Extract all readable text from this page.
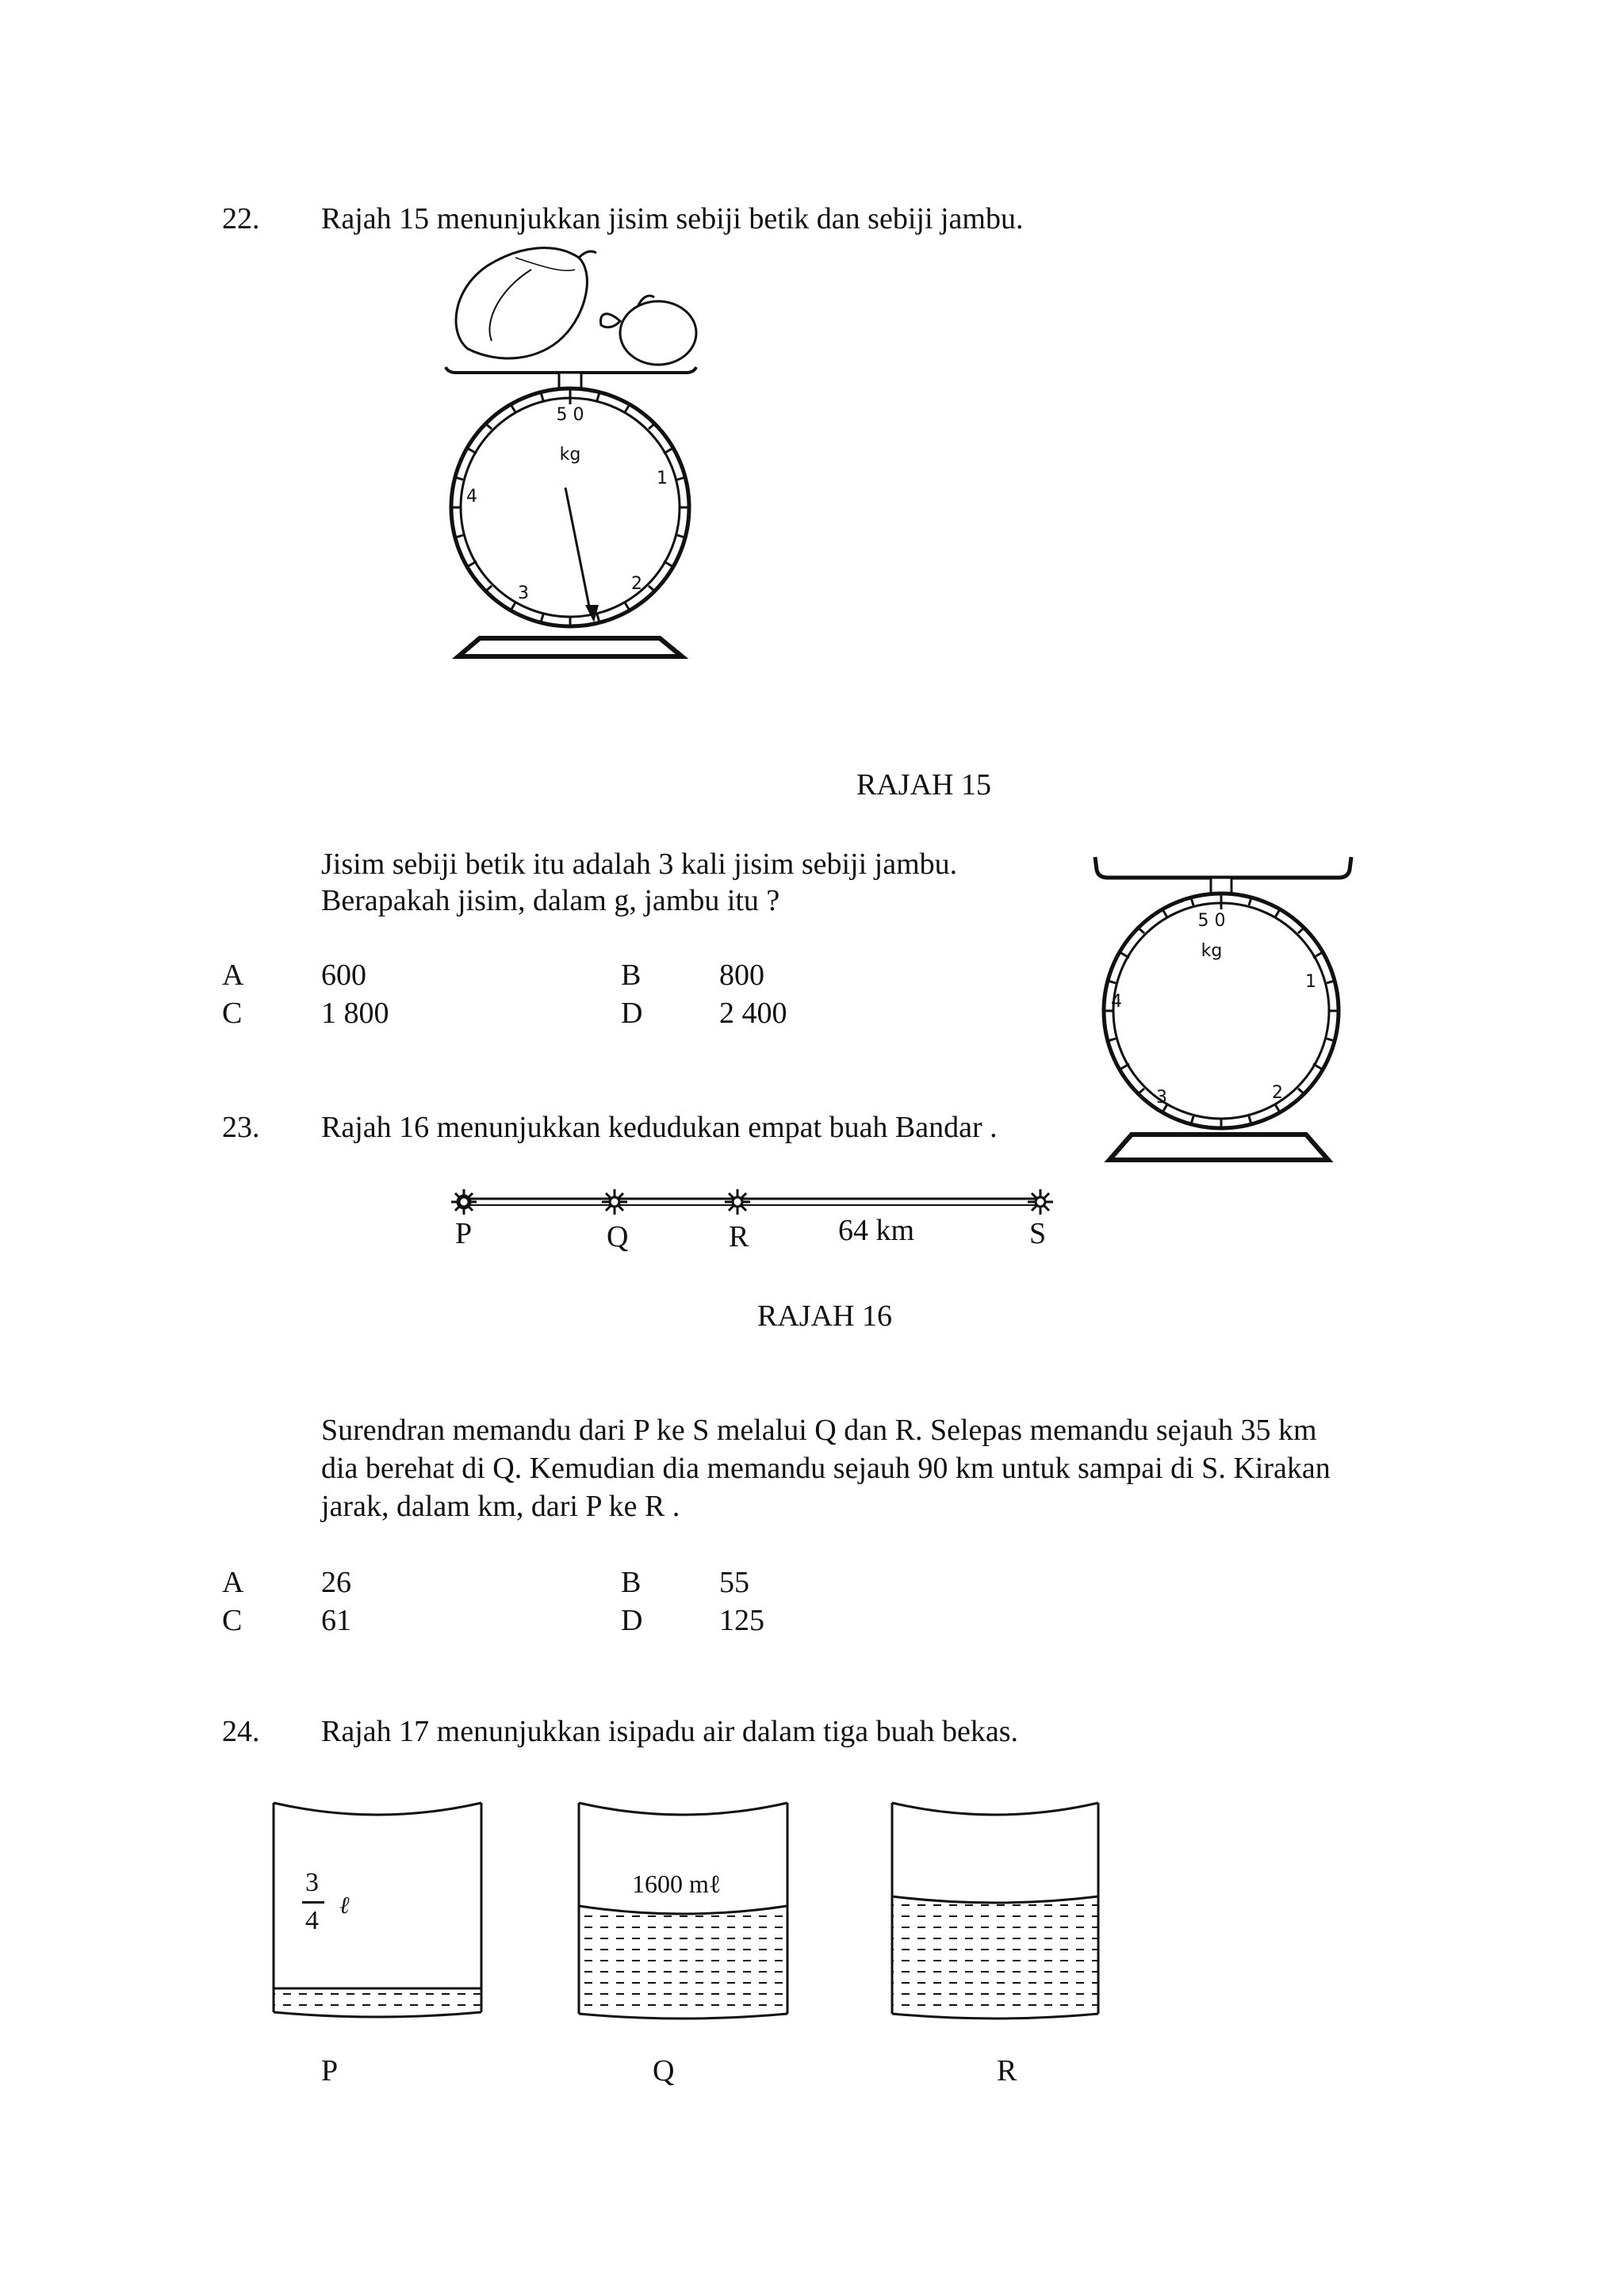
22. Rajah 15 menunjukkan jisim sebiji betik dan sebiji jambu.
5 0
kg
1
2
3
4
RAJAH 15
Jisim sebiji betik itu adalah 3 kali jisim sebiji jambu.
Berapakah jisim, dalam g, jambu itu ?
A	600	B	800
C	1 800	D	2 400
5 0
kg
1
2
3
4
23. Rajah 16 menunjukkan kedudukan empat buah Bandar .
P	Q	R	64 km	S
RAJAH 16
Surendran memandu dari P ke S melalui Q dan R. Selepas memandu sejauh 35 km
dia berehat di Q. Kemudian dia memandu sejauh 90 km untuk sampai di S. Kirakan
jarak, dalam km, dari P ke R .
A	26	B	55
C	61	D	125
24. Rajah 17 menunjukkan isipadu air dalam tiga buah bekas.
3
4
ℓ
1600 mℓ
P	Q	R
